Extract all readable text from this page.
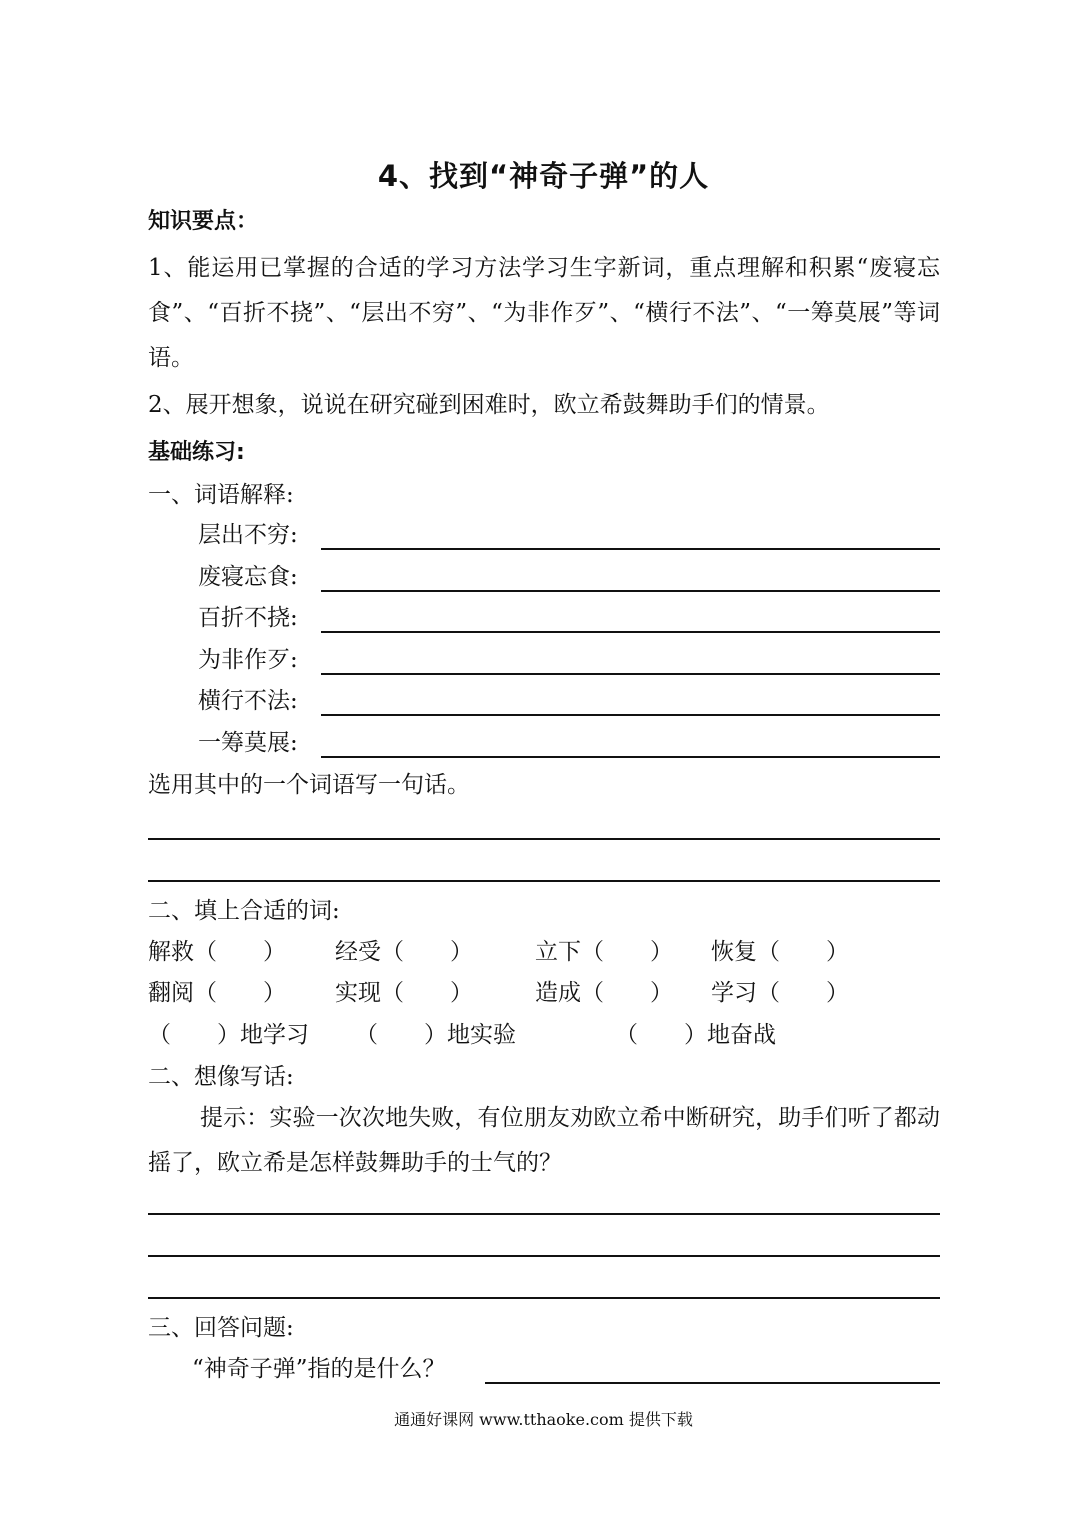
4、找到“神奇子弹”的人
知识要点：
1、能运用已掌握的合适的学习方法学习生字新词，重点理解和积累“废寝忘食”、“百折不挠”、“层出不穷”、“为非作歹”、“横行不法”、“一筹莫展”等词语。
2、展开想象，说说在研究碰到困难时，欧立希鼓舞助手们的情景。
基础练习:
一、词语解释:
层出不穷:
废寝忘食:
百折不挠:
为非作歹:
横行不法:
一筹莫展:
选用其中的一个词语写一句话。
二、填上合适的词:
解救（　　） 经受（　　）	立下（　　） 恢复（　　）
翻阅（　　） 实现（　　）	造成（　　） 学习（　　）
（　　）地学习 （　　）地实验	（　　）地奋战
二、想像写话:
提示：实验一次次地失败，有位朋友劝欧立希中断研究，助手们听了都动摇了，欧立希是怎样鼓舞助手的士气的？
三、回答问题:
“神奇子弹”指的是什么？
通通好课网 www.tthaoke.com 提供下载
